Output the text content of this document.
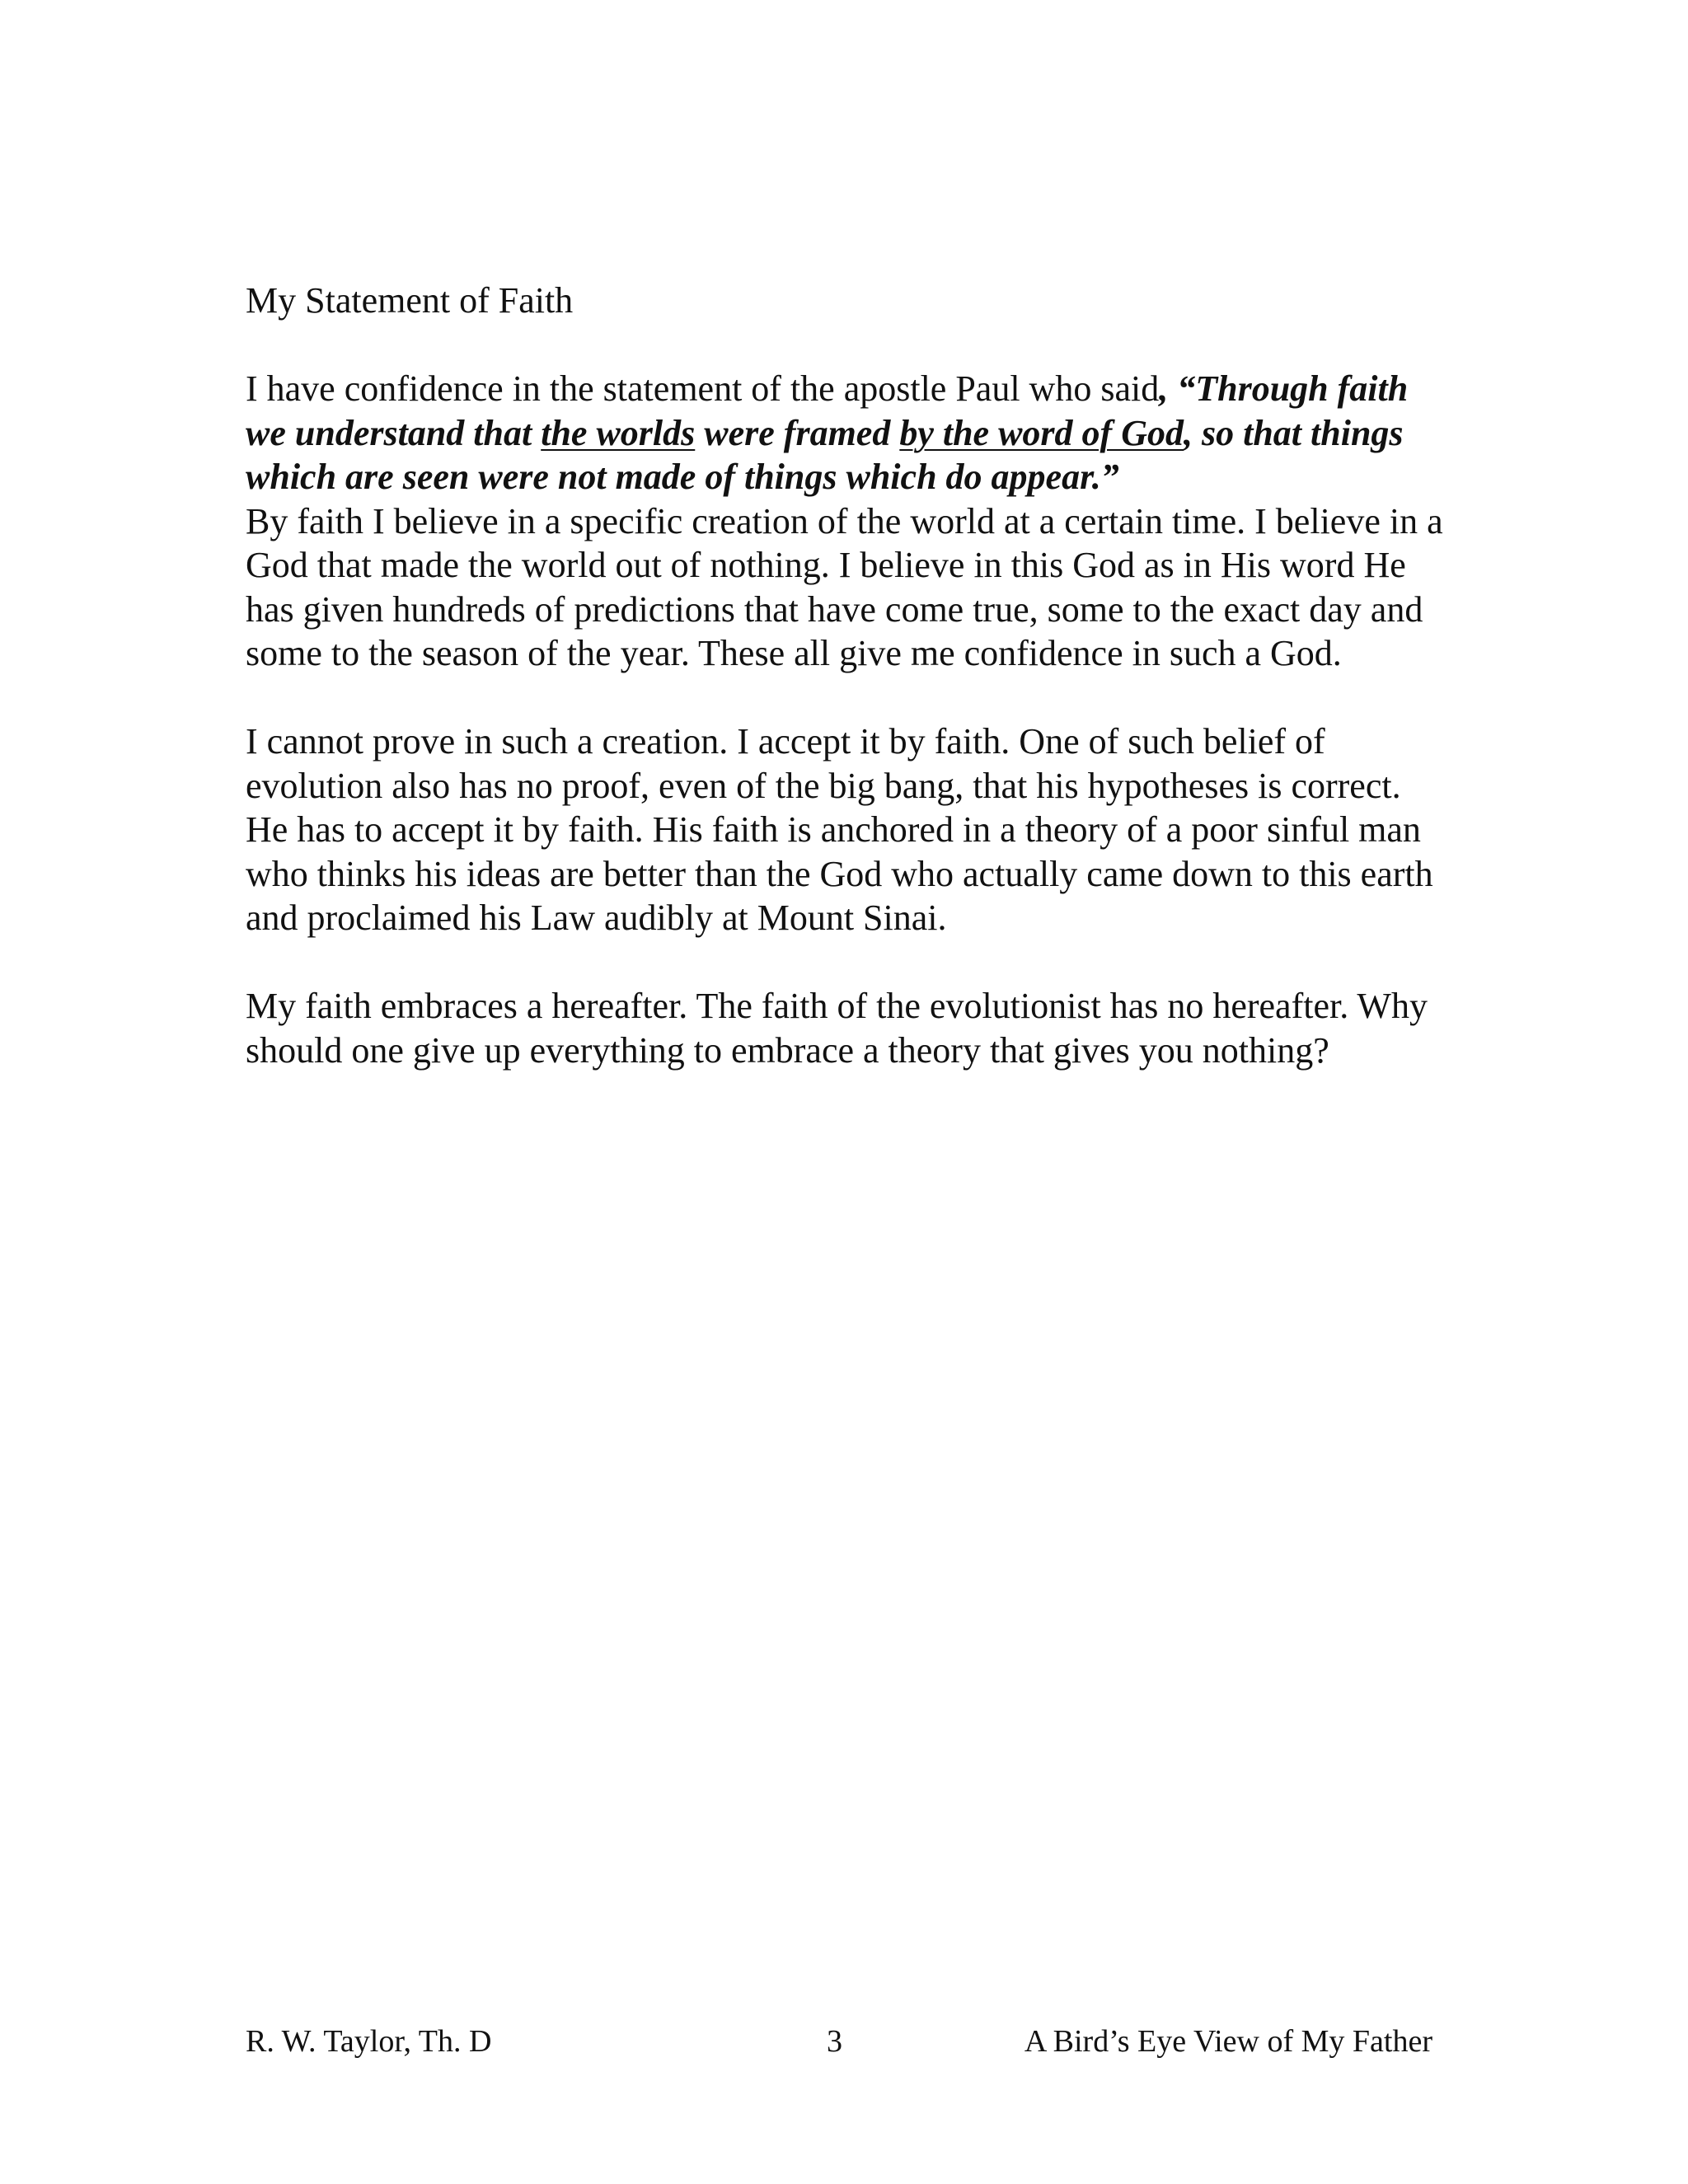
My Statement of Faith

I have confidence in the statement of the apostle Paul who said, “Through faith we understand that the worlds were framed by the word of God, so that things which are seen were not made of things which do appear.”
By faith I believe in a specific creation of the world at a certain time. I believe in a God that made the world out of nothing. I believe in this God as in His word He has given hundreds of predictions that have come true, some to the exact day and some to the season of the year. These all give me confidence in such a God.

I cannot prove in such a creation. I accept it by faith. One of such belief of evolution also has no proof, even of the big bang, that his hypotheses is correct. He has to accept it by faith. His faith is anchored in a theory of a poor sinful man who thinks his ideas are better than the God who actually came down to this earth and proclaimed his Law audibly at Mount Sinai.

My faith embraces a hereafter. The faith of the evolutionist has no hereafter. Why should one give up everything to embrace a theory that gives you nothing?

R. W. Taylor, Th. D	3	A Bird’s Eye View of My Father
